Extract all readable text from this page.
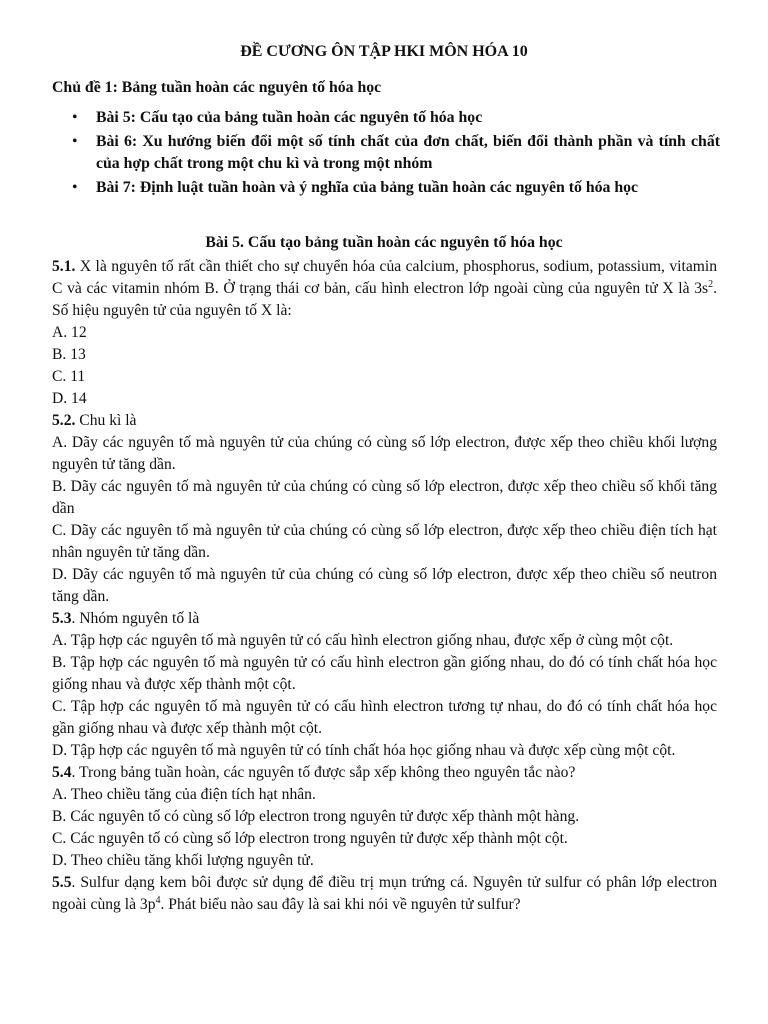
ĐỀ CƯƠNG ÔN TẬP HKI MÔN HÓA 10
Chủ đề 1: Bảng tuần hoàn các nguyên tố hóa học
• Bài 5: Cấu tạo của bảng tuần hoàn các nguyên tố hóa học
• Bài 6: Xu hướng biến đổi một số tính chất của đơn chất, biến đổi thành phần và tính chất của hợp chất trong một chu kì và trong một nhóm
• Bài 7: Định luật tuần hoàn và ý nghĩa của bảng tuần hoàn các nguyên tố hóa học
Bài 5. Cấu tạo bảng tuần hoàn các nguyên tố hóa học

5.1. X là nguyên tố rất cần thiết cho sự chuyển hóa của calcium, phosphorus, sodium, potassium, vitamin C và các vitamin nhóm B. Ở trạng thái cơ bản, cấu hình electron lớp ngoài cùng của nguyên tử X là $3s^2$. Số hiệu nguyên tử của nguyên tố X là:

A. 12

B. 13

C. 11

D. 14

5.2. Chu kì là

A. Dãy các nguyên tố mà nguyên tử của chúng có cùng số lớp electron, được xếp theo chiều khối lượng nguyên tử tăng dần.

B. Dãy các nguyên tố mà nguyên tử của chúng có cùng số lớp electron, được xếp theo chiều số khối tăng dần

C. Dãy các nguyên tố mà nguyên tử của chúng có cùng số lớp electron, được xếp theo chiều điện tích hạt nhân nguyên tử tăng dần.

D. Dãy các nguyên tố mà nguyên tử của chúng có cùng số lớp electron, được xếp theo chiều số neutron tăng dần.

5.3. Nhóm nguyên tố là

A. Tập hợp các nguyên tố mà nguyên tử có cấu hình electron giống nhau, được xếp ở cùng một cột.

B. Tập hợp các nguyên tố mà nguyên tử có cấu hình electron gần giống nhau, do đó có tính chất hóa học giống nhau và được xếp thành một cột.

C. Tập hợp các nguyên tố mà nguyên tử có cấu hình electron tương tự nhau, do đó có tính chất hóa học gần giống nhau và được xếp thành một cột.

D. Tập hợp các nguyên tố mà nguyên tử có tính chất hóa học giống nhau và được xếp cùng một cột.

5.4. Trong bảng tuần hoàn, các nguyên tố được sắp xếp không theo nguyên tắc nào?

A. Theo chiều tăng của điện tích hạt nhân.

B. Các nguyên tố có cùng số lớp electron trong nguyên tử được xếp thành một hàng.

C. Các nguyên tố có cùng số lớp electron trong nguyên tử được xếp thành một cột.

D. Theo chiều tăng khối lượng nguyên tử.

5.5. Sulfur dạng kem bôi được sử dụng để điều trị mụn trứng cá. Nguyên tử sulfur có phân lớp electron ngoài cùng là $3p^4$. Phát biểu nào sau đây là sai khi nói về nguyên tử sulfur?
